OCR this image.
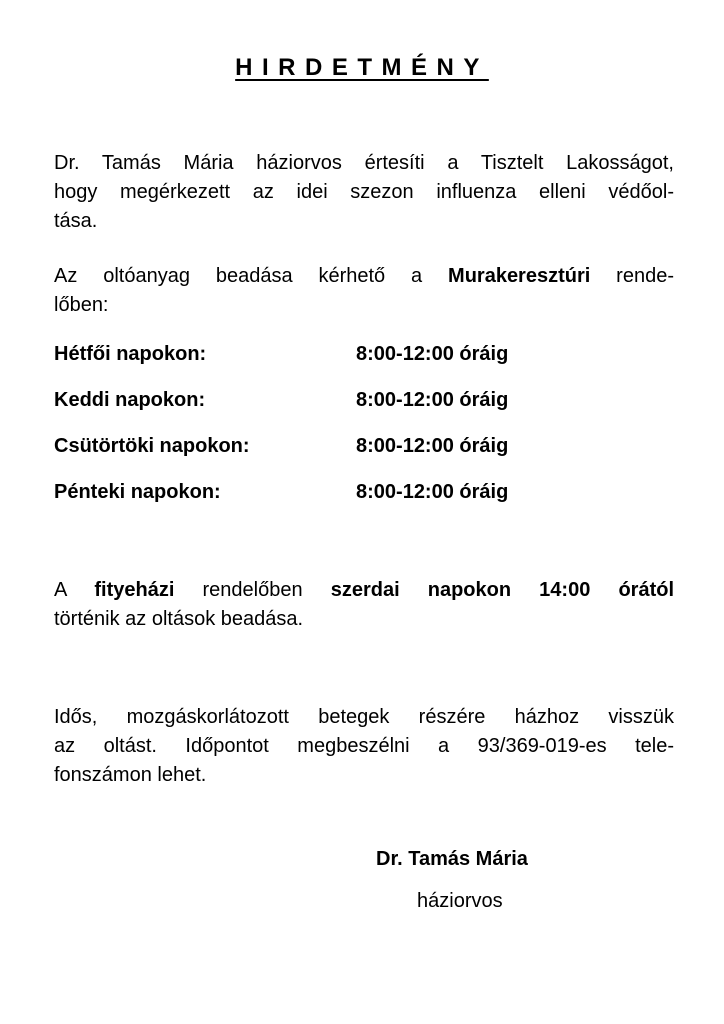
HIRDETMÉNY
Dr. Tamás Mária háziorvos értesíti a Tisztelt Lakosságot,
hogy megérkezett az idei szezon influenza elleni védőol-
tása.
Az oltóanyag beadása kérhető a Murakeresztúri rende-
lőben:
Hétfői napokon:	8:00-12:00 óráig
Keddi napokon:	8:00-12:00 óráig
Csütörtöki napokon:	8:00-12:00 óráig
Pénteki napokon:	8:00-12:00 óráig
A fityeházi rendelőben szerdai napokon 14:00 órától
történik az oltások beadása.
Idős, mozgáskorlátozott betegek részére házhoz visszük
az oltást. Időpontot megbeszélni a 93/369-019-es tele-
fonszámon lehet.
Dr. Tamás Mária
háziorvos
